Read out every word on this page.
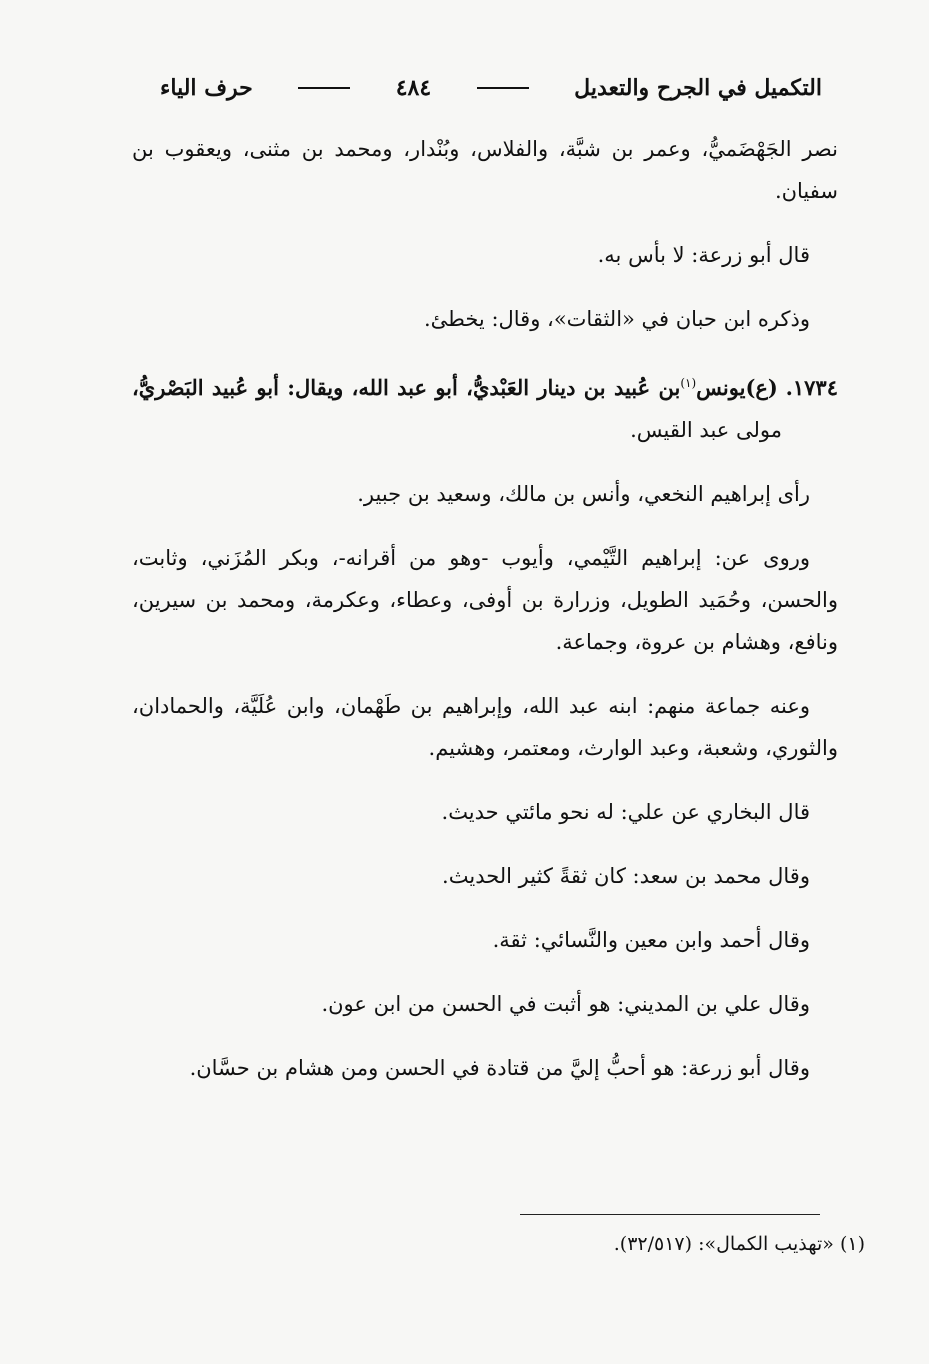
التكميل في الجرح والتعديل
٤٨٤
حرف الياء

نصر الجَهْضَميُّ، وعمر بن شبَّة، والفلاس، وبُنْدار، ومحمد بن مثنى، ويعقوب بن سفيان.

قال أبو زرعة: لا بأس به.

وذكره ابن حبان في «الثقات»، وقال: يخطئ.

١٧٣٤. (ع)يونس$^{(١)}$بن عُبيد بن دينار العَبْديُّ، أبو عبد الله، ويقال: أبو عُبيد البَصْريُّ، مولى عبد القيس.

رأى إبراهيم النخعي، وأنس بن مالك، وسعيد بن جبير.

وروى عن: إبراهيم التَّيْمي، وأيوب -وهو من أقرانه-، وبكر المُزَني، وثابت، والحسن، وحُمَيد الطويل، وزرارة بن أوفى، وعطاء، وعكرمة، ومحمد بن سيرين، ونافع، وهشام بن عروة، وجماعة.

وعنه جماعة منهم: ابنه عبد الله، وإبراهيم بن طَهْمان، وابن عُلَيَّة، والحمادان، والثوري، وشعبة، وعبد الوارث، ومعتمر، وهشيم.

قال البخاري عن علي: له نحو مائتي حديث.

وقال محمد بن سعد: كان ثقةً كثير الحديث.

وقال أحمد وابن معين والنَّسائي: ثقة.

وقال علي بن المديني: هو أثبت في الحسن من ابن عون.

وقال أبو زرعة: هو أحبُّ إليَّ من قتادة في الحسن ومن هشام بن حسَّان.

(١) «تهذيب الكمال»: (٣٢/٥١٧).
